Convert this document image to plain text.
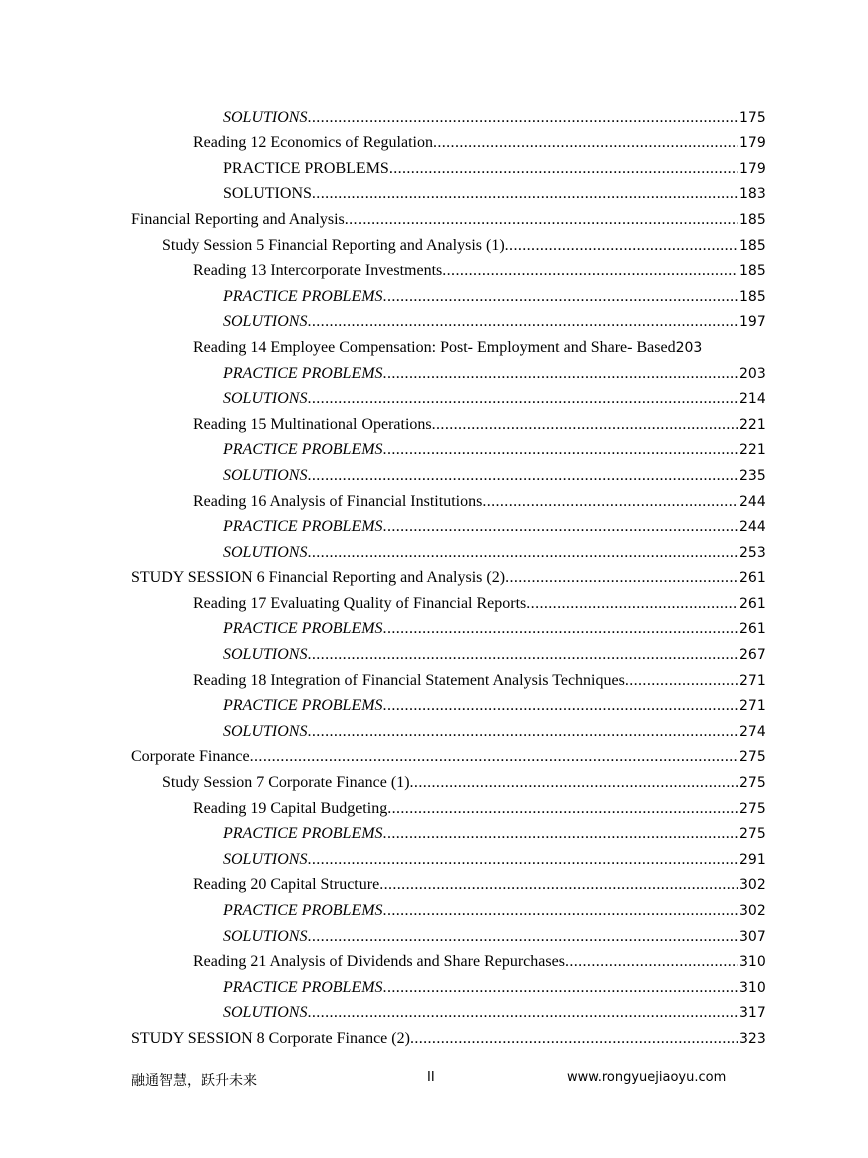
SOLUTIONS .....	175
Reading 12 Economics of Regulation .....	179
PRACTICE PROBLEMS .....	179
SOLUTIONS .....	183
Financial Reporting and Analysis .....	185
Study Session 5 Financial Reporting and Analysis (1) .....	185
Reading 13 Intercorporate Investments .....	185
PRACTICE PROBLEMS .....	185
SOLUTIONS .....	197
Reading 14 Employee Compensation: Post- Employment and Share- Based 203
PRACTICE PROBLEMS .....	203
SOLUTIONS .....	214
Reading 15 Multinational Operations .....	221
PRACTICE PROBLEMS .....	221
SOLUTIONS .....	235
Reading 16 Analysis of Financial Institutions .....	244
PRACTICE PROBLEMS .....	244
SOLUTIONS .....	253
STUDY SESSION 6 Financial Reporting and Analysis (2) .....	261
Reading 17 Evaluating Quality of Financial Reports .....	261
PRACTICE PROBLEMS .....	261
SOLUTIONS .....	267
Reading 18 Integration of Financial Statement Analysis Techniques .....	271
PRACTICE PROBLEMS .....	271
SOLUTIONS .....	274
Corporate Finance .....	275
Study Session 7 Corporate Finance (1) .....	275
Reading 19 Capital Budgeting .....	275
PRACTICE PROBLEMS .....	275
SOLUTIONS .....	291
Reading 20 Capital Structure .....	302
PRACTICE PROBLEMS .....	302
SOLUTIONS .....	307
Reading 21 Analysis of Dividends and Share Repurchases .....	310
PRACTICE PROBLEMS .....	310
SOLUTIONS .....	317
STUDY SESSION 8 Corporate Finance (2) .....	323
融通智慧，跃升未来	II	www.rongyuejiaoyu.com
